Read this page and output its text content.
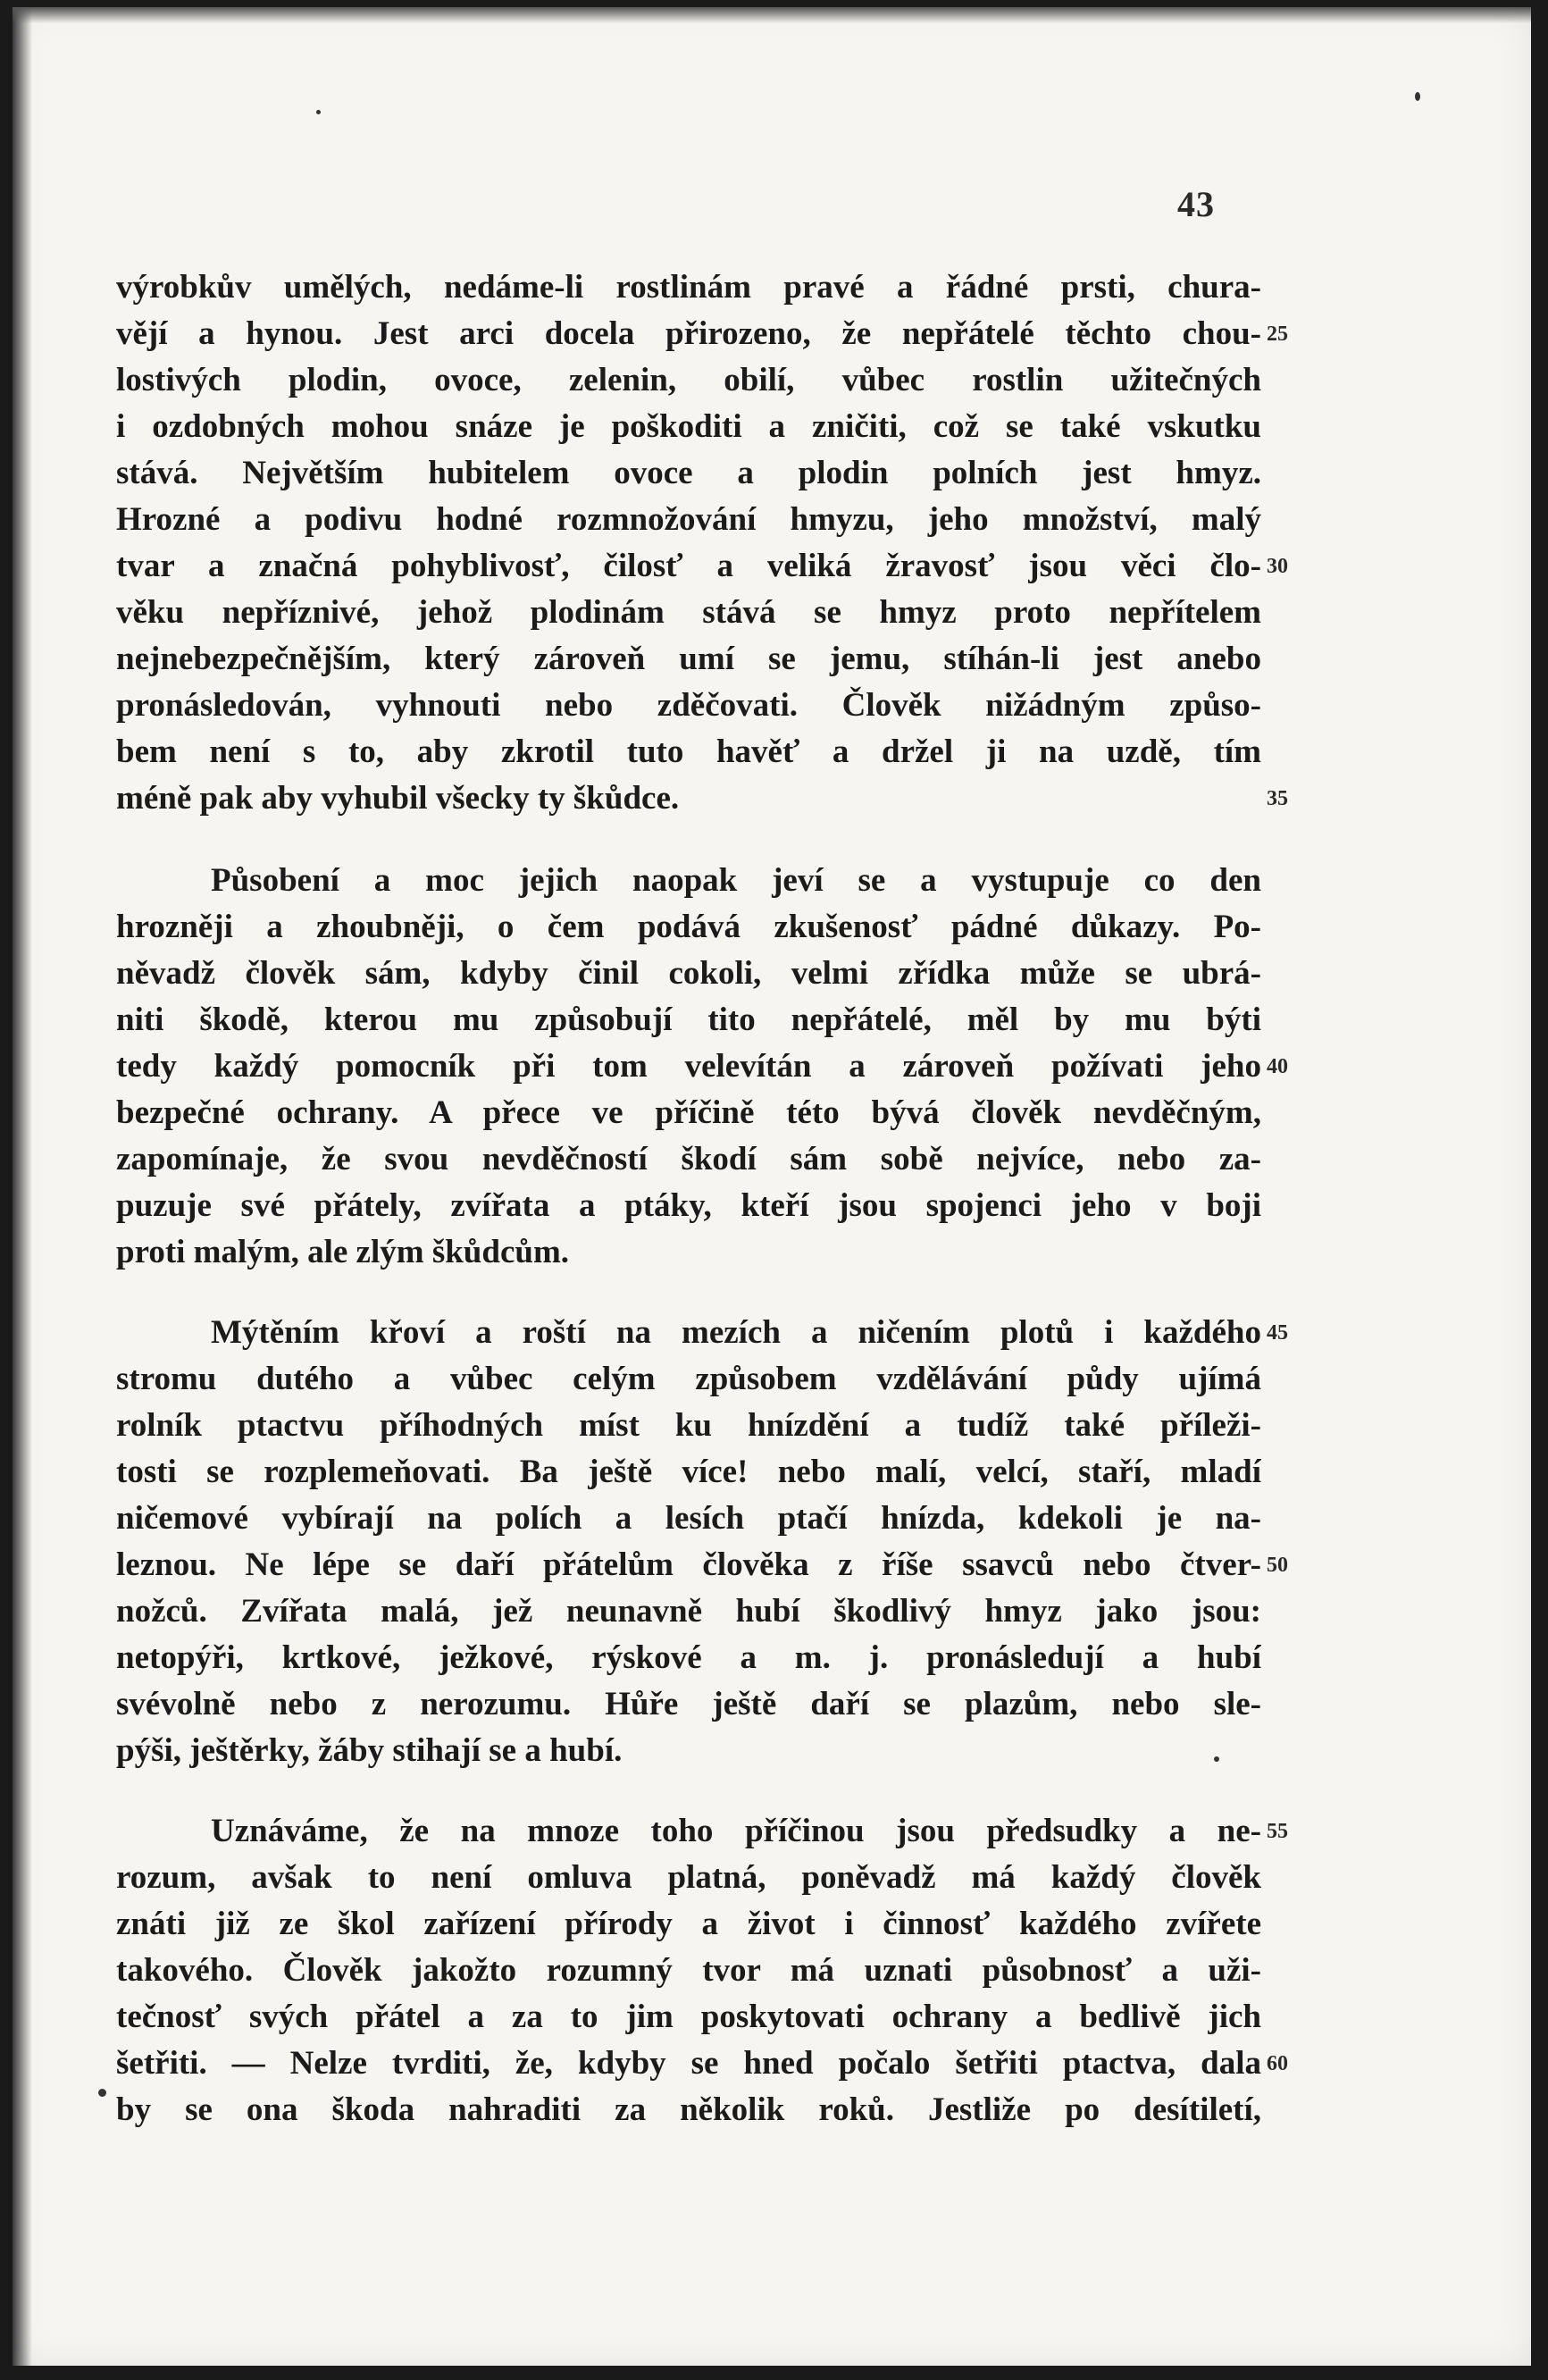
43
výrobkův umělých, nedáme-li rostlinám pravé a řádné prsti, chura-
vějí a hynou. Jest arci docela přirozeno, že nepřátelé těchto chou- 25
lostivých plodin, ovoce, zelenin, obilí, vůbec rostlin užitečných
i ozdobných mohou snáze je poškoditi a zničiti, což se také vskutku
stává. Největším hubitelem ovoce a plodin polních jest hmyz.
Hrozné a podivu hodné rozmnožování hmyzu, jeho množství, malý
tvar a značná pohyblivosť, čilosť a veliká žravosť jsou věci člo- 30
věku nepříznivé, jehož plodinám stává se hmyz proto nepřítelem
nejnebezpečnějším, který zároveň umí se jemu, stíhán-li jest anebo
pronásledován, vyhnouti nebo zděčovati. Člověk nižádným způso-
bem není s to, aby zkrotil tuto havěť a držel ji na uzdě, tím
méně pak aby vyhubil všecky ty škůdce.	35
Působení a moc jejich naopak jeví se a vystupuje co den
hrozněji a zhoubněji, o čem podává zkušenosť pádné důkazy. Po-
něvadž člověk sám, kdyby činil cokoli, velmi zřídka může se ubrá-
niti škodě, kterou mu způsobují tito nepřátelé, měl by mu býti
tedy každý pomocník při tom velevítán a zároveň požívati jeho 40
bezpečné ochrany. A přece ve příčině této bývá člověk nevděčným,
zapomínaje, že svou nevděčností škodí sám sobě nejvíce, nebo za-
puzuje své přátely, zvířata a ptáky, kteří jsou spojenci jeho v boji
proti malým, ale zlým škůdcům.
Mýtěním křoví a roští na mezích a ničením plotů i každého 45
stromu dutého a vůbec celým způsobem vzdělávání půdy ujímá
rolník ptactvu příhodných míst ku hnízdění a tudíž také příleži-
tosti se rozplemeňovati. Ba ještě více! nebo malí, velcí, staří, mladí
ničemové vybírají na polích a lesích ptačí hnízda, kdekoli je na-
leznou. Ne lépe se daří přátelům člověka z říše ssavců nebo čtver- 50
nožců. Zvířata malá, jež neunavně hubí škodlivý hmyz jako jsou:
netopýři, krtkové, ježkové, rýskové a m. j. pronásledují a hubí
svévolně nebo z nerozumu. Hůře ještě daří se plazům, nebo sle-
pýši, ještěrky, žáby stihají se a hubí.
Uznáváme, že na mnoze toho příčinou jsou předsudky a ne- 55
rozum, avšak to není omluva platná, poněvadž má každý člověk
znáti již ze škol zařízení přírody a život i činnosť každého zvířete
takového. Člověk jakožto rozumný tvor má uznati působnosť a uži-
tečnosť svých přátel a za to jim poskytovati ochrany a bedlivě jich
šetřiti. — Nelze tvrditi, že, kdyby se hned počalo šetřiti ptactva, dala 60
by se ona škoda nahraditi za několik roků. Jestliže po desítiletí,
